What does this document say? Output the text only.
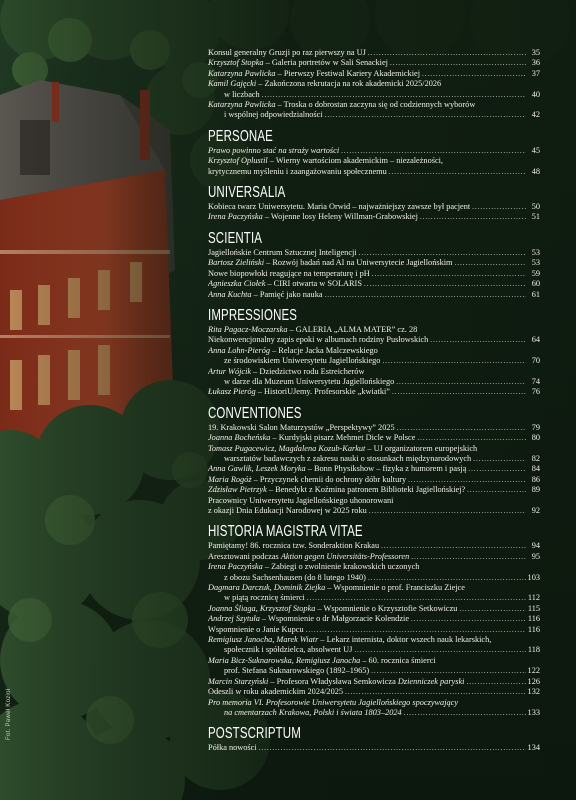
Fot. Paweł Kozioł
Konsul generalny Gruzji po raz pierwszy na UJ .....	35
Krzysztof Stopka – Galeria portretów w Sali Senackiej .....	36
Katarzyna Pawlicka – Pierwszy Festiwal Kariery Akademickiej .....	37
Kamil Gajęcki – Zakończona rekrutacja na rok akademicki 2025/2026
w liczbach .....	40
Katarzyna Pawlicka – Troska o dobrostan zaczyna się od codziennych wyborów
i wspólnej odpowiedzialności .....	42
PERSONAE
Prawo powinno stać na straży wartości .....	45
Krzysztof Oplustil – Wierny wartościom akademickim – niezależności,
krytycznemu myśleniu i zaangażowaniu społecznemu .....	48
UNIVERSALIA
Kobieca twarz Uniwersytetu. Maria Orwid – najważniejszy zawsze był pacjent .....	50
Irena Paczyńska – Wojenne losy Heleny Willman-Grabowskiej .....	51
SCIENTIA
Jagiellońskie Centrum Sztucznej Inteligencji .....	53
Bartosz Zieliński – Rozwój badań nad AI na Uniwersytecie Jagiellońskim .....	53
Nowe biopowłoki reagujące na temperaturę i pH .....	59
Agnieszka Ciołek – CIRI otwarta w SOLARIS .....	60
Anna Kuchta – Pamięć jako nauka .....	61
IMPRESSIONES
Rita Pagacz-Moczarska – GALERIA „ALMA MATER” cz. 28
Niekonwencjonalny zapis epoki w albumach rodziny Pusłowskich .....	64
Anna Lohn-Pieróg – Relacje Jacka Malczewskiego
ze środowiskiem Uniwersytetu Jagiellońskiego .....	70
Artur Wójcik – Dziedzictwo rodu Estreicherów
w darze dla Muzeum Uniwersytetu Jagiellońskiego .....	74
Łukasz Pieróg – HistoriUJemy. Profesorskie „kwiatki” .....	76
CONVENTIONES
19. Krakowski Salon Maturzystów „Perspektywy” 2025 .....	79
Joanna Bocheńska – Kurdyjski pisarz Mehmet Dicle w Polsce .....	80
Tomasz Pugacewicz, Magdalena Kozub-Karkut – UJ organizatorem europejskich
warsztatów badawczych z zakresu nauki o stosunkach międzynarodowych .....	82
Anna Gawlik, Leszek Moryka – Bonn Physikshow – fizyka z humorem i pasją .....	84
Maria Rogóż – Przyczynek chemii do ochrony dóbr kultury .....	86
Zdzisław Pietrzyk – Benedykt z Koźmina patronem Biblioteki Jagiellońskiej? .....	89
Pracownicy Uniwersytetu Jagiellońskiego uhonorowani
z okazji Dnia Edukacji Narodowej w 2025 roku .....	92
HISTORIA MAGISTRA VITAE
Pamiętamy! 86. rocznica tzw. Sonderaktion Krakau .....	94
Aresztowani podczas Aktion gegen Universitäts-Professoren .....	95
Irena Paczyńska – Zabiegi o zwolnienie krakowskich uczonych
z obozu Sachsenhausen (do 8 lutego 1940) .....	103
Dagmara Darczuk, Dominik Ziejka – Wspomnienie o prof. Franciszku Ziejce
w piątą rocznicę śmierci .....	112
Joanna Śliaga, Krzysztof Stopka – Wspomnienie o Krzysztofie Setkowiczu .....	115
Andrzej Szytuła – Wspomnienie o dr Małgorzacie Kolendzie .....	116
Wspomnienie o Janie Kupcu .....	116
Remigiusz Janocha, Marek Wiatr – Lekarz internista, doktor wszech nauk lekarskich,
społecznik i spółdzielca, absolwent UJ .....	118
Maria Bicz-Suknarowska, Remigiusz Janocha – 60. rocznica śmierci
prof. Stefana Suknarowskiego (1892–1965) .....	122
Marcin Starzyński – Profesora Władysława Semkowicza Dzienniczek paryski .....	126
Odeszli w roku akademickim 2024/2025 .....	132
Pro memoria VI. Profesorowie Uniwersytetu Jagiellońskiego spoczywający
na cmentarzach Krakowa, Polski i świata 1803–2024 .....	133
POSTSCRIPTUM
Półka nowości .....	134
